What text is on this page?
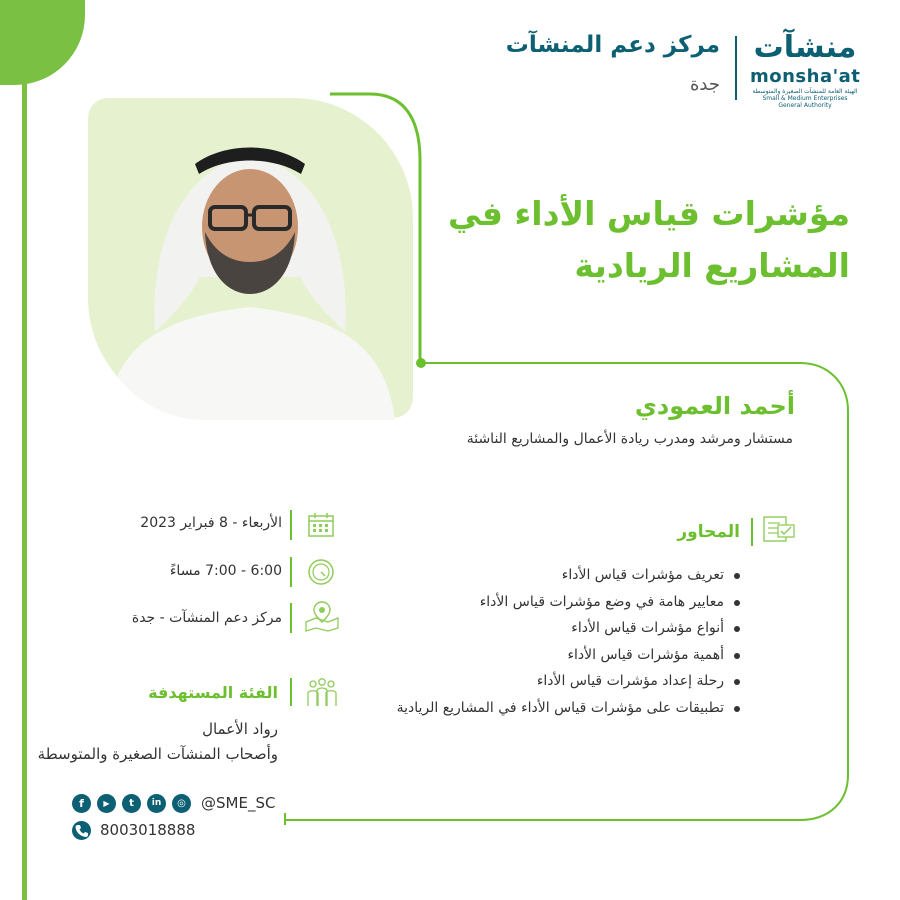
مركز دعم المنشآت
جدة
منشآت
monsha'at
الهيئة العامة للمنشآت الصغيرة والمتوسطة Small & Medium Enterprises General Authority
مؤشرات قياس الأداء في
المشاريع الريادية
أحمد العمودي
مستشار ومرشد ومدرب ريادة الأعمال والمشاريع الناشئة
الأربعاء - 8 فبراير 2023
6:00 - 7:00 مساءً
مركز دعم المنشآت - جدة
المحاور
تعريف مؤشرات قياس الأداء
معايير هامة في وضع مؤشرات قياس الأداء
أنواع مؤشرات قياس الأداء
أهمية مؤشرات قياس الأداء
رحلة إعداد مؤشرات قياس الأداء
تطبيقات على مؤشرات قياس الأداء في المشاريع الريادية
الفئة المستهدفة
رواد الأعمال
وأصحاب المنشآت الصغيرة والمتوسطة
f	▶	t	in	◎	@SME_SC
8003018888
